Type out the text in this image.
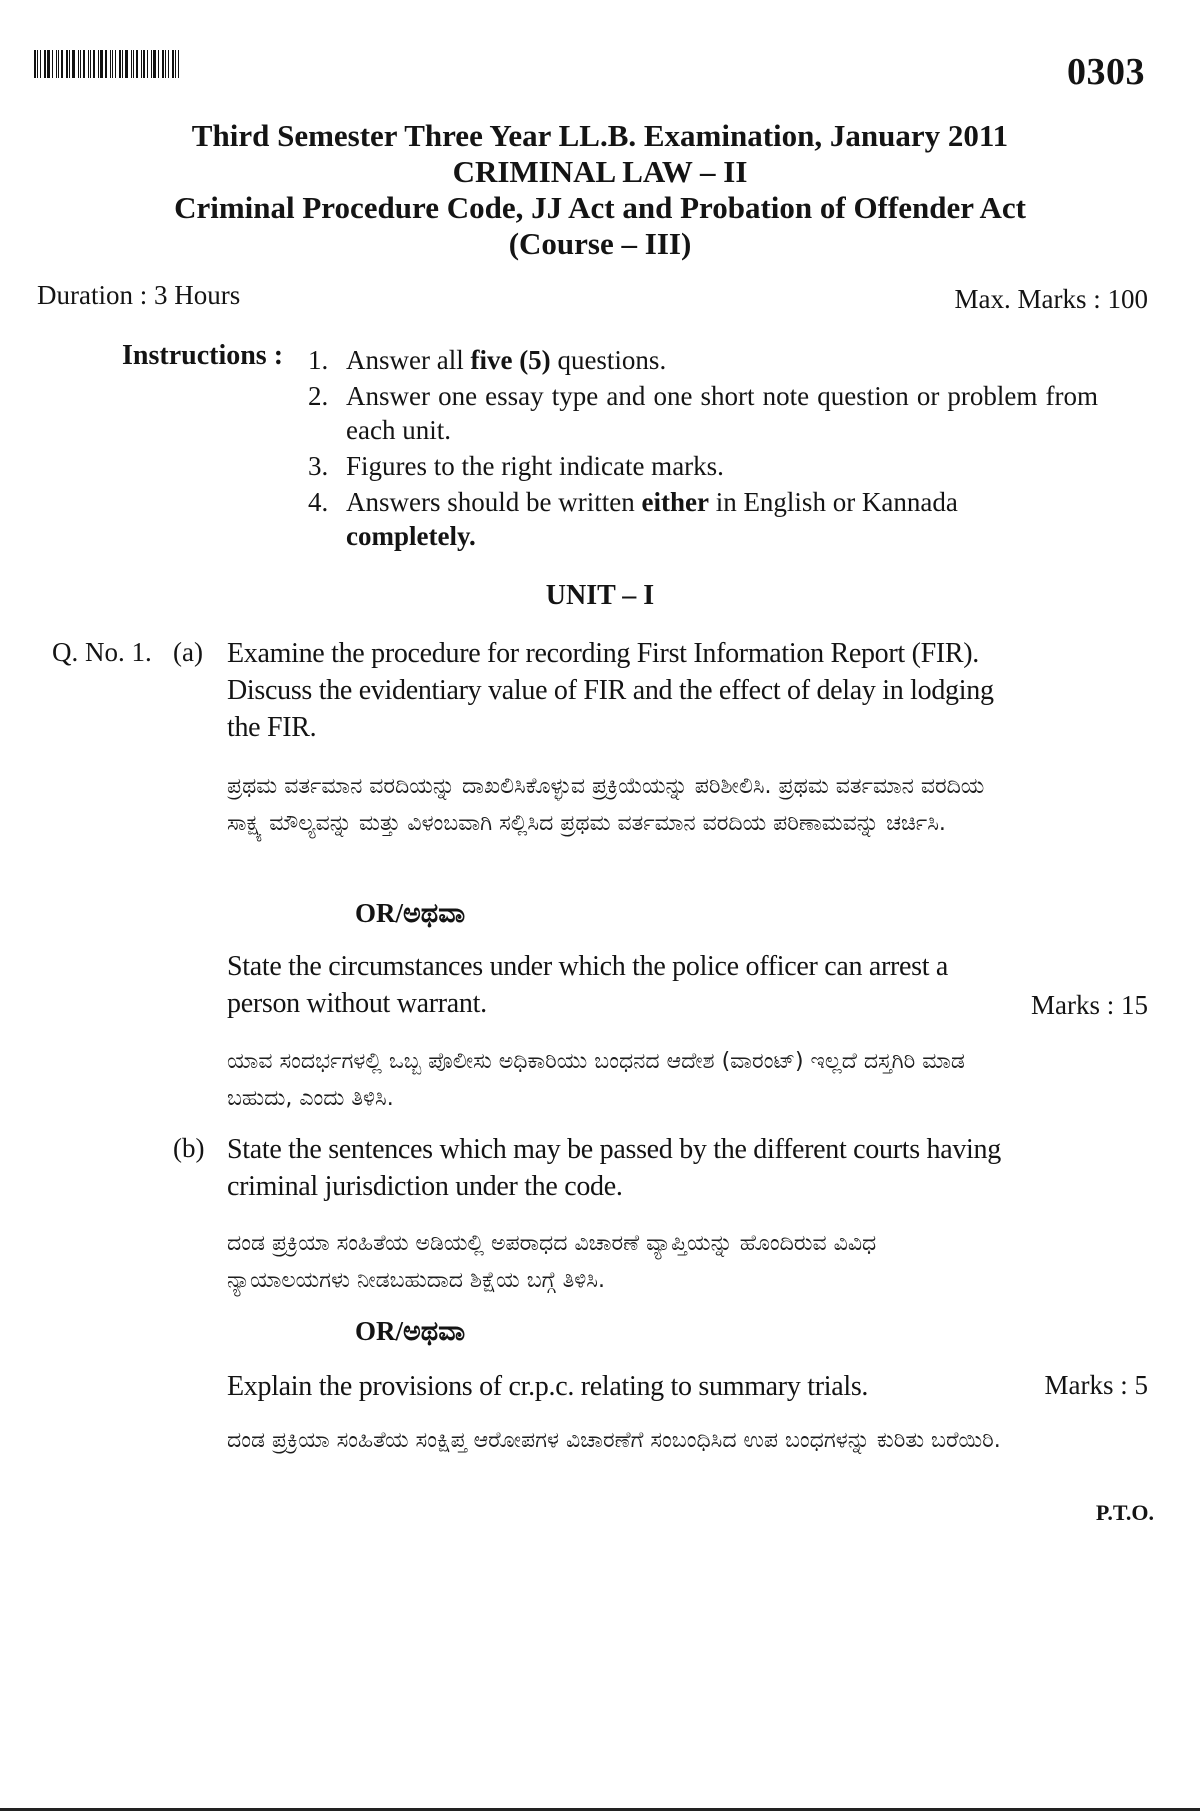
0303
Third Semester Three Year LL.B. Examination, January 2011
CRIMINAL LAW – II
Criminal Procedure Code, JJ Act and Probation of Offender Act
(Course – III)
Duration : 3 Hours	Max. Marks : 100
Instructions : 1. Answer all five (5) questions.
2. Answer one essay type and one short note question or problem from each unit.
3. Figures to the right indicate marks.
4. Answers should be written either in English or Kannada
completely.
UNIT – I
Q. No. 1. (a) Examine the procedure for recording First Information Report (FIR). Discuss the evidentiary value of FIR and the effect of delay in lodging the FIR.
ಪ್ರಥಮ ವರ್ತಮಾನ ವರದಿಯನ್ನು ದಾಖಲಿಸಿಕೊಳ್ಳುವ ಪ್ರಕ್ರಿಯೆಯನ್ನು ಪರಿಶೀಲಿಸಿ. ಪ್ರಥಮ ವರ್ತಮಾನ ವರದಿಯ ಸಾಕ್ಷ್ಯ ಮೌಲ್ಯವನ್ನು ಮತ್ತು ವಿಳಂಬವಾಗಿ ಸಲ್ಲಿಸಿದ ಪ್ರಥಮ ವರ್ತಮಾನ ವರದಿಯ ಪರಿಣಾಮವನ್ನು ಚರ್ಚಿಸಿ.
OR/ಅಥವಾ
State the circumstances under which the police officer can arrest a person without warrant.	Marks : 15
ಯಾವ ಸಂದರ್ಭಗಳಲ್ಲಿ ಒಬ್ಬ ಪೊಲೀಸು ಅಧಿಕಾರಿಯು ಬಂಧನದ ಆದೇಶ (ವಾರಂಟ್) ಇಲ್ಲದೆ ದಸ್ತಗಿರಿ ಮಾಡ ಬಹುದು, ಎಂದು ತಿಳಿಸಿ.
(b) State the sentences which may be passed by the different courts having criminal jurisdiction under the code.
ದಂಡ ಪ್ರಕ್ರಿಯಾ ಸಂಹಿತೆಯ ಅಡಿಯಲ್ಲಿ ಅಪರಾಧದ ವಿಚಾರಣೆ ವ್ಯಾಪ್ತಿಯನ್ನು ಹೊಂದಿರುವ ವಿವಿಧ ನ್ಯಾಯಾಲಯಗಳು ನೀಡಬಹುದಾದ ಶಿಕ್ಷೆಯ ಬಗ್ಗೆ ತಿಳಿಸಿ.
OR/ಅಥವಾ
Explain the provisions of cr.p.c. relating to summary trials.	Marks : 5
ದಂಡ ಪ್ರಕ್ರಿಯಾ ಸಂಹಿತೆಯ ಸಂಕ್ಷಿಪ್ತ ಆರೋಪಗಳ ವಿಚಾರಣೆಗೆ ಸಂಬಂಧಿಸಿದ ಉಪ ಬಂಧಗಳನ್ನು ಕುರಿತು ಬರೆಯಿರಿ.
P.T.O.
